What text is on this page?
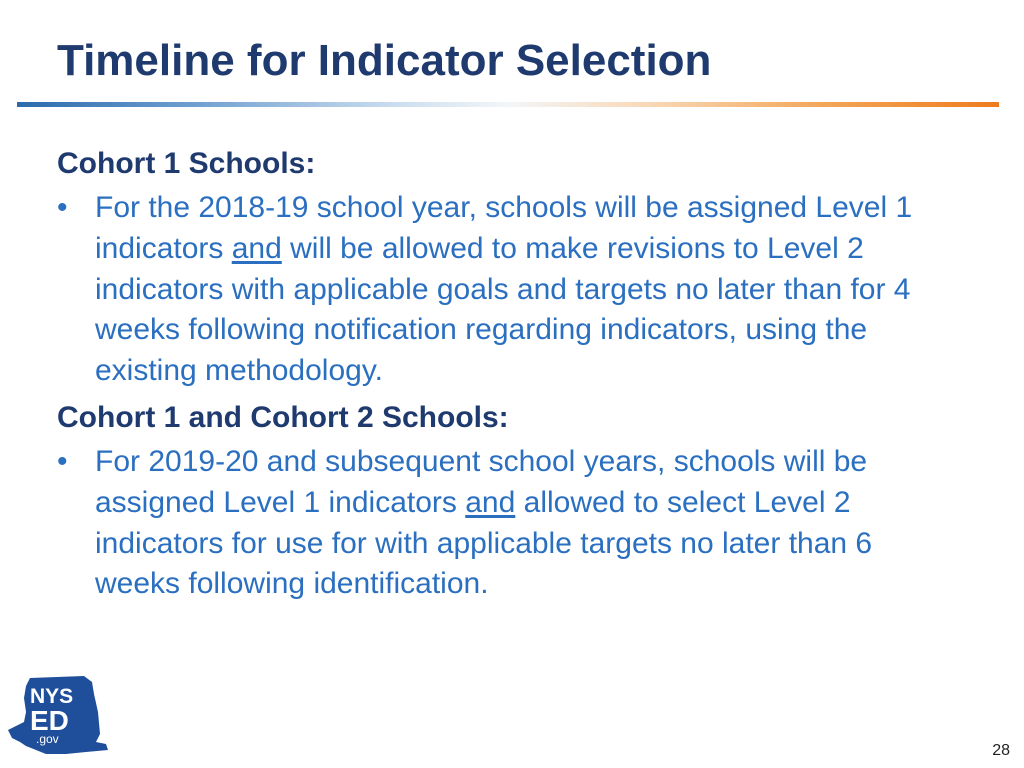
Timeline for Indicator Selection

Cohort 1 Schools:

• For the 2018-19 school year, schools will be assigned Level 1 indicators and will be allowed to make revisions to Level 2 indicators with applicable goals and targets no later than for 4 weeks following notification regarding indicators, using the existing methodology.

Cohort 1 and Cohort 2 Schools:

• For 2019-20 and subsequent school years, schools will be assigned Level 1 indicators and allowed to select Level 2 indicators for use for with applicable targets no later than 6 weeks following identification.

NYS
ED
.gov
28
